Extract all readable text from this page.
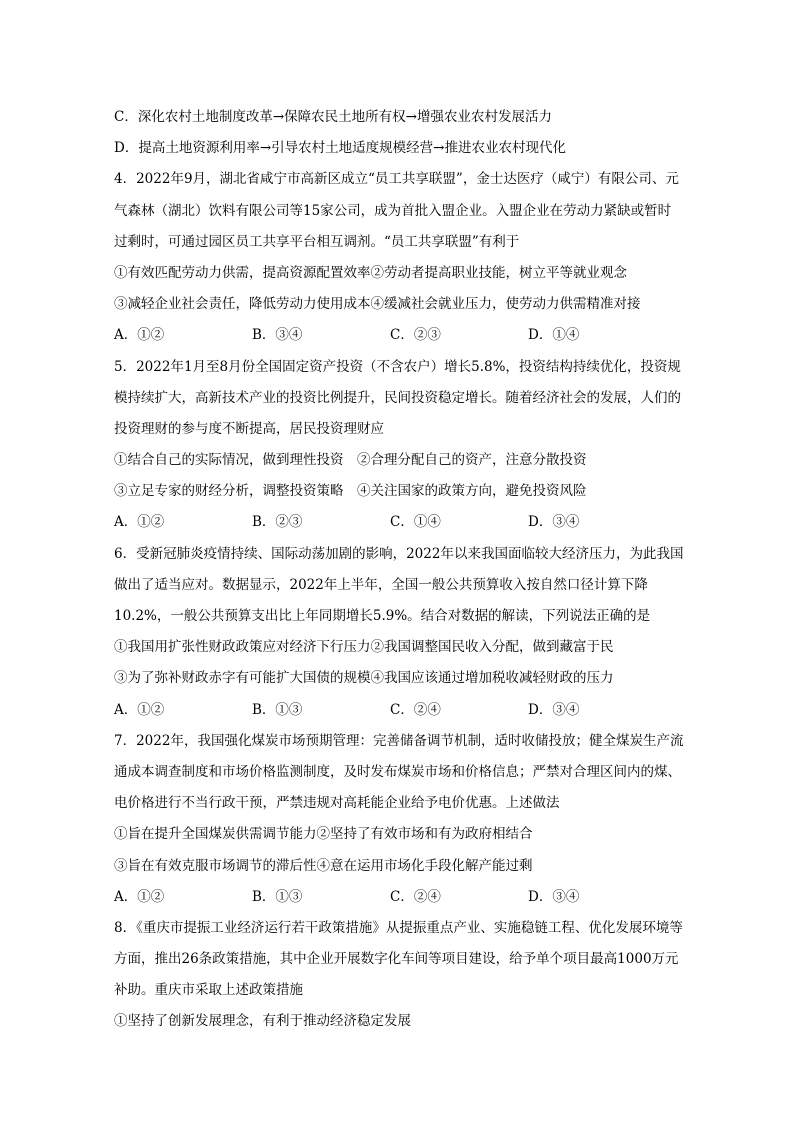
C．深化农村土地制度改革→保障农民土地所有权→增强农业农村发展活力
D．提高土地资源利用率→引导农村土地适度规模经营→推进农业农村现代化
4．2022年9月，湖北省咸宁市高新区成立“员工共享联盟”，金士达医疗（咸宁）有限公司、元
气森林（湖北）饮料有限公司等15家公司，成为首批入盟企业。入盟企业在劳动力紧缺或暂时
过剩时，可通过园区员工共享平台相互调剂。“员工共享联盟”有利于
①有效匹配劳动力供需，提高资源配置效率②劳动者提高职业技能，树立平等就业观念
③减轻企业社会责任，降低劳动力使用成本④缓减社会就业压力，使劳动力供需精准对接
A．①②	B．③④	C．②③	D．①④
5．2022年1月至8月份全国固定资产投资（不含农户）增长5.8%，投资结构持续优化，投资规
模持续扩大，高新技术产业的投资比例提升，民间投资稳定增长。随着经济社会的发展，人们的
投资理财的参与度不断提高，居民投资理财应
①结合自己的实际情况，做到理性投资　②合理分配自己的资产，注意分散投资
③立足专家的财经分析，调整投资策略　④关注国家的政策方向，避免投资风险
A．①②	B．②③	C．①④	D．③④
6．受新冠肺炎疫情持续、国际动荡加剧的影响，2022年以来我国面临较大经济压力，为此我国
做出了适当应对。数据显示，2022年上半年，全国一般公共预算收入按自然口径计算下降
10.2%，一般公共预算支出比上年同期增长5.9%。结合对数据的解读，下列说法正确的是
①我国用扩张性财政政策应对经济下行压力②我国调整国民收入分配，做到藏富于民
③为了弥补财政赤字有可能扩大国债的规模④我国应该通过增加税收减轻财政的压力
A．①②	B．①③	C．②④	D．③④
7．2022年，我国强化煤炭市场预期管理：完善储备调节机制，适时收储投放；健全煤炭生产流
通成本调查制度和市场价格监测制度，及时发布煤炭市场和价格信息；严禁对合理区间内的煤、
电价格进行不当行政干预，严禁违规对高耗能企业给予电价优惠。上述做法
①旨在提升全国煤炭供需调节能力②坚持了有效市场和有为政府相结合
③旨在有效克服市场调节的滞后性④意在运用市场化手段化解产能过剩
A．①②	B．①③	C．②④	D．③④
8．《重庆市提振工业经济运行若干政策措施》从提振重点产业、实施稳链工程、优化发展环境等
方面，推出26条政策措施，其中企业开展数字化车间等项目建设，给予单个项目最高1000万元
补助。重庆市采取上述政策措施
①坚持了创新发展理念，有利于推动经济稳定发展
